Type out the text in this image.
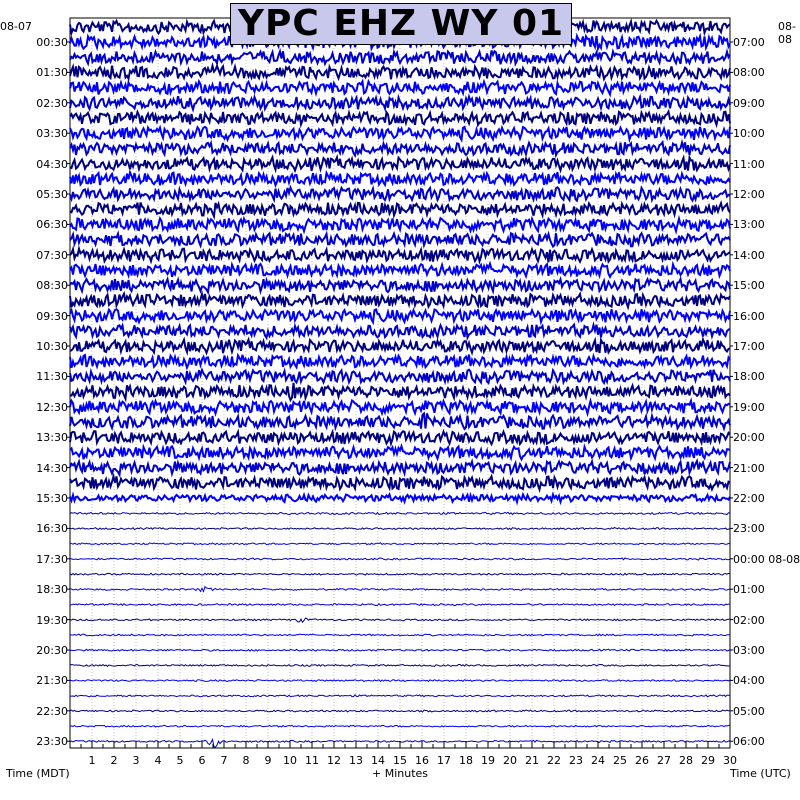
08-07	08-08
YPC EHZ WY 01
00:30
01:30
02:30
03:30
04:30
05:30
06:30
07:30
08:30
09:30
10:30
11:30
12:30
13:30
14:30
15:30
16:30
17:30
18:30
19:30
20:30
21:30
22:30
23:30
07:00
08:00
09:00
10:00
11:00
12:00
13:00
14:00
15:00
16:00
17:00
18:00
19:00
20:00
21:00
22:00
23:00
00:00 08-08
01:00
02:00
03:00
04:00
05:00
06:00
1	2	3	4	5	6	7	8	9	10 11 12 13 14 15 16 17 18 19 20 21 22 23 24 25 26 27 28 29 30
Time (MDT)	+ Minutes	Time (UTC)
